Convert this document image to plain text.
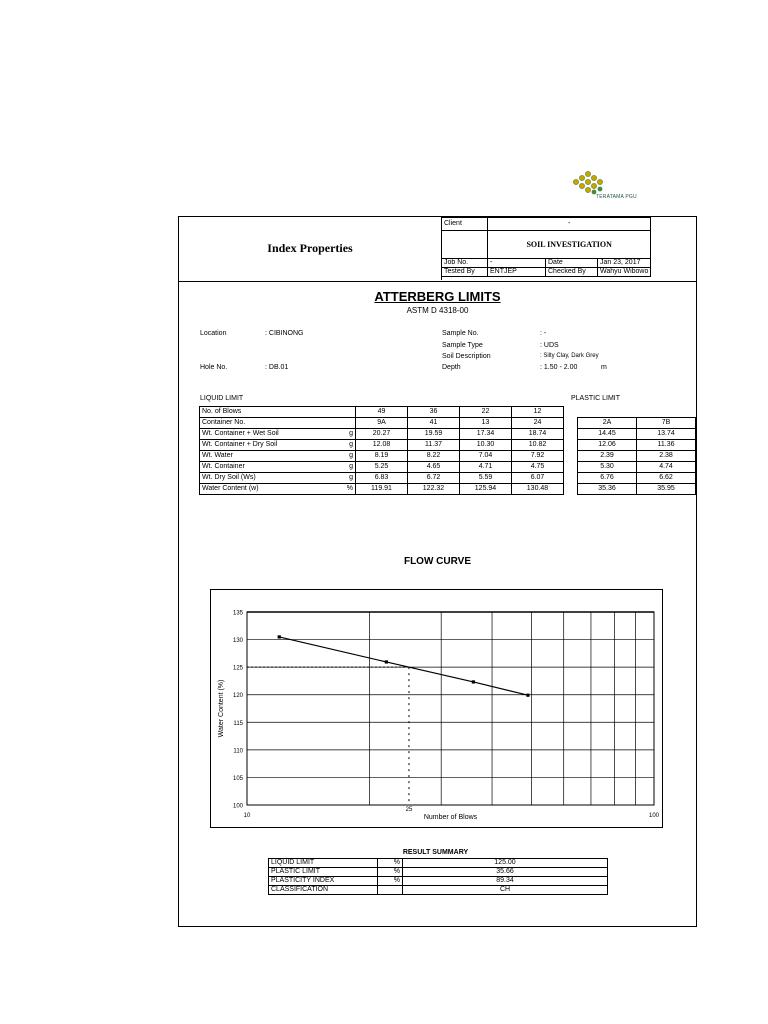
TERATAMA PGU
Index Properties
Client	-		
	SOIL INVESTIGATION		
Job No.	-	Date	Jan 23, 2017
Tested By	ENTJEP	Checked By	Wahyu Wibowo
ATTERBERG LIMITS
ASTM D 4318-00
Location	: CIBINONG
Hole No.	: DB.01
Sample No.	: -
Sample Type	: UDS
Soil Description	: Silty Clay, Dark Grey
Depth	: 1.50 - 2.00	m
LIQUID LIMIT	PLASTIC LIMIT
No. of Blows		49	36	22	12			
Container No.		9A	41	13	24		2A	7B
Wt. Container + Wet Soil	g	20.27	19.59	17.34	18.74		14.45	13.74
Wt. Container + Dry Soil	g	12.08	11.37	10.30	10.82		12.06	11.36
Wt. Water	g	8.19	8.22	7.04	7.92		2.39	2.38
Wt. Container	g	5.25	4.65	4.71	4.75		5.30	4.74
Wt. Dry Soil (Ws)	g	6.83	6.72	5.59	6.07		6.76	6.62
Water Content (w)	%	119.91	122.32	125.94	130.48		35.36	35.95
FLOW CURVE
100
105
110
115
120
125
130
135
10	100
25
Number of Blows
Water Content (%)
RESULT SUMMARY
LIQUID LIMIT	%	125.00
PLASTIC LIMIT	%	35.66
PLASTICITY INDEX	%	89.34
CLASSIFICATION		CH
